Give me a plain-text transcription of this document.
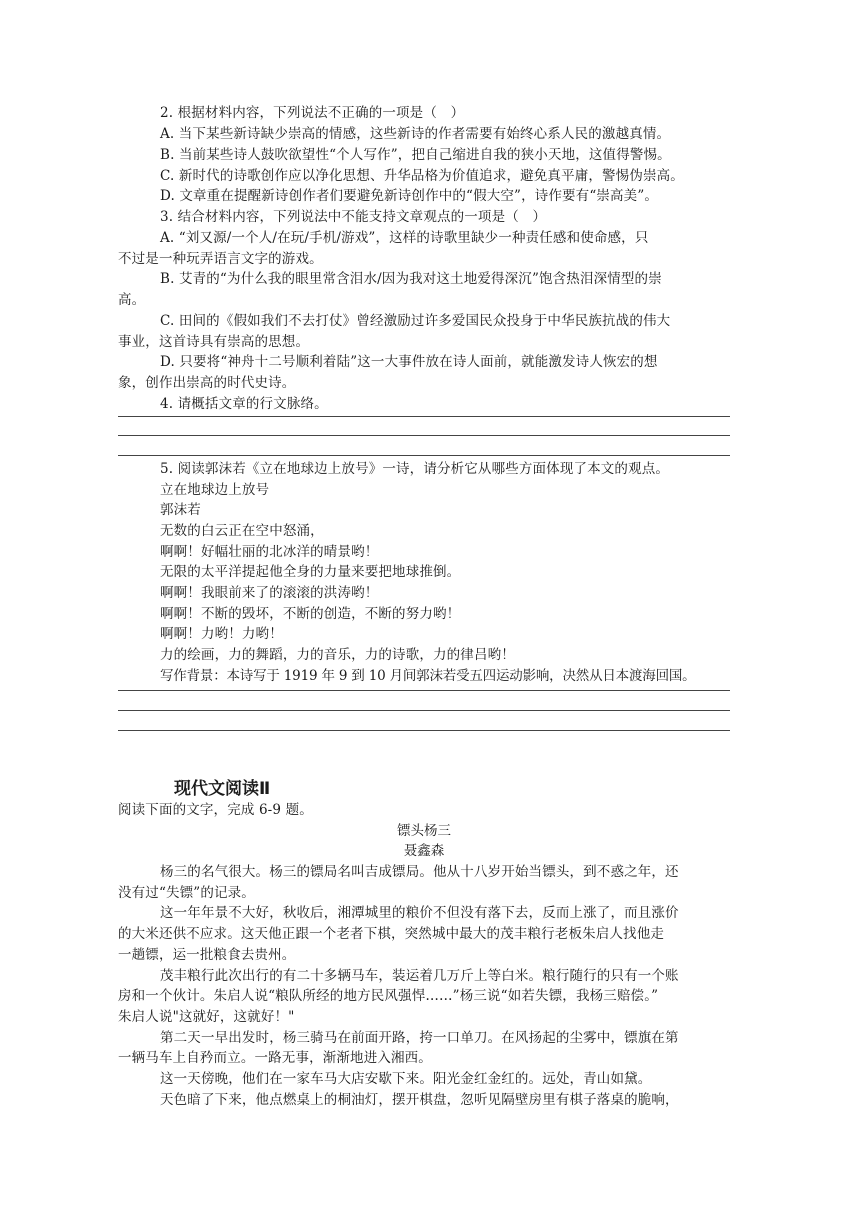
2. 根据材料内容，下列说法不正确的一项是（　）
A. 当下某些新诗缺少崇高的情感，这些新诗的作者需要有始终心系人民的激越真情。
B. 当前某些诗人鼓吹欲望性“个人写作”，把自己缩进自我的狭小天地，这值得警惕。
C. 新时代的诗歌创作应以净化思想、升华品格为价值追求，避免真平庸，警惕伪崇高。
D. 文章重在提醒新诗创作者们要避免新诗创作中的“假大空”，诗作要有“崇高美”。
3. 结合材料内容，下列说法中不能支持文章观点的一项是（　）
A. “刘又源/一个人/在玩/手机/游戏”，这样的诗歌里缺少一种责任感和使命感，只
不过是一种玩弄语言文字的游戏。
B. 艾青的“为什么我的眼里常含泪水/因为我对这土地爱得深沉”饱含热泪深情型的崇
高。
C. 田间的《假如我们不去打仗》曾经激励过许多爱国民众投身于中华民族抗战的伟大
事业，这首诗具有崇高的思想。
D. 只要将“神舟十二号顺利着陆”这一大事件放在诗人面前，就能激发诗人恢宏的想
象，创作出崇高的时代史诗。
4. 请概括文章的行文脉络。
5. 阅读郭沫若《立在地球边上放号》一诗，请分析它从哪些方面体现了本文的观点。
立在地球边上放号
郭沫若
无数的白云正在空中怒涌，
啊啊！好幅壮丽的北冰洋的晴景哟！
无限的太平洋提起他全身的力量来要把地球推倒。
啊啊！我眼前来了的滚滚的洪涛哟！
啊啊！不断的毁坏，不断的创造，不断的努力哟！
啊啊！力哟！力哟！
力的绘画，力的舞蹈，力的音乐，力的诗歌，力的律吕哟！
写作背景：本诗写于 1919 年 9 到 10 月间郭沫若受五四运动影响，决然从日本渡海回国。
现代文阅读Ⅱ
阅读下面的文字，完成 6-9 题。
镖头杨三
聂鑫森
杨三的名气很大。杨三的镖局名叫吉成镖局。他从十八岁开始当镖头，到不惑之年，还
没有过“失镖”的记录。
这一年年景不大好，秋收后，湘潭城里的粮价不但没有落下去，反而上涨了，而且涨价
的大米还供不应求。这天他正跟一个老者下棋，突然城中最大的茂丰粮行老板朱启人找他走
一趟镖，运一批粮食去贵州。
茂丰粮行此次出行的有二十多辆马车，装运着几万斤上等白米。粮行随行的只有一个账
房和一个伙计。朱启人说“粮队所经的地方民风强悍……”杨三说“如若失镖，我杨三赔偿。”
朱启人说"这就好，这就好！"
第二天一早出发时，杨三骑马在前面开路，挎一口单刀。在风扬起的尘雾中，镖旗在第
一辆马车上自矜而立。一路无事，渐渐地进入湘西。
这一天傍晚，他们在一家车马大店安歇下来。阳光金红金红的。远处，青山如黛。
天色暗了下来，他点燃桌上的桐油灯，摆开棋盘，忽听见隔壁房里有棋子落桌的脆响，
